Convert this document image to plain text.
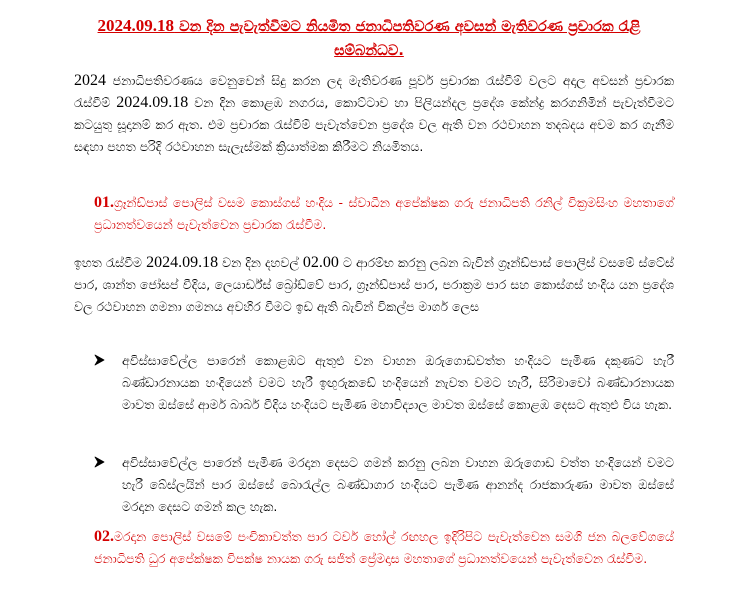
2024.09.18 වන දින පැවැත්වීමට නියමිත ජනාධිපතිවරණ අවසන් මැතිවරණ ප්‍රචාරක රැළි සම්බන්ධව.
2024 ජනාධිපතිවරණය වෙනුවෙන් සිදු කරන ලද මැතිවරණ පූර්ව ප්‍රචාරක රැස්වීම් වලට අදාල අවසන් ප්‍රචාරක රැස්වීම් 2024.09.18 වන දින කොළඹ නගරය, කොට්ටාව හා පිලියන්දල ප්‍රදේශ කේන්ද්‍ර කරගනිමින් පැවැත්වීමට කටයුතු සූදානම් කර ඇත. එම ප්‍රචාරක රැස්වීම් පැවැත්වෙන ප්‍රදේශ වල ඇති වන රථවාහන තදබදය අවම කර ගැනීම සඳහා පහත පරිදි රථවාහන සැලැස්මක් ක්‍රියාත්මක කිරීමට නියමිතය.
01.ග්‍රෑන්ඩ්පාස් පොලිස් වසම කොස්ගස් හංදිය - ස්වාධීන අපේක්ෂක ගරු ජනාධිපති රනිල් වික්‍රමසිංහ මහතාගේ ප්‍රධානත්වයෙන් පැවැත්වෙන ප්‍රචාරක රැස්වීම.
ඉහත රැස්වීම 2024.09.18 වන දින දහවල් 02.00 ට ආරම්භ කරනු ලබන බැවින් ග්‍රෑන්ඩ්පාස් පොලිස් වසමේ ස්ටේස් පාර, ශාන්ත ජෝසප් වීදිය, ලෙයාර්ඩ්ස් බ්‍රෝඩ්වේ පාර, ග්‍රෑන්ඩ්පාස් පාර, පරාක්‍රම පාර සහ කොස්ගස් හංදිය යන ප්‍රදේශ වල රථවාහන ගමනා ගමනය අවහිර වීමට ඉඩ ඇති බැවින් විකල්ප මාර්ග ලෙස
අවිස්සාවේල්ල පාරෙන් කොළඹට ඇතුළු වන වාහන ඔරුගොඩවත්ත හංදියට පැමිණ දකුණට හැරී බණ්ඩාරනායක හංදියෙන් වමට හැරී ඉඟුරුකඩේ හංදියෙන් නැවත වමට හැරී, සිරිමාවෝ බණ්ඩාරනායක මාවත ඔස්සේ ආමර් බාබර් වීදිය හංදියට පැමිණ මහාවිද්‍යාල මාවත ඔස්සේ කොළඹ දෙසට ඇතුළු විය හැක.
අවිස්සාවේල්ල පාරෙන් පැමිණ මරදාන දෙසට ගමන් කරනු ලබන වාහන ඔරුගොඩ වත්ත හංදියෙන් වමට හැරී බේස්ලයින් පාර ඔස්සේ බොරැල්ල බණ්ඩාගාර හංදියට පැමිණ ආනන්ද රාජකාරුණා මාවත ඔස්සේ මරදාන දෙසට ගමන් කල හැක.
02.මරදාන පොලිස් වසමේ පංචිකාවත්ත පාර ටවර් හෝල් රඟහල ඉදිරිපිට පැවැත්වෙන සමගි ජන බලවේගයේ ජනාධිපති ධුර අපේක්ෂක විපක්ෂ නායක ගරු සජිත් ප්‍රේමදාස මහතාගේ ප්‍රධානත්වයෙන් පැවැත්වෙන රැස්වීම.
